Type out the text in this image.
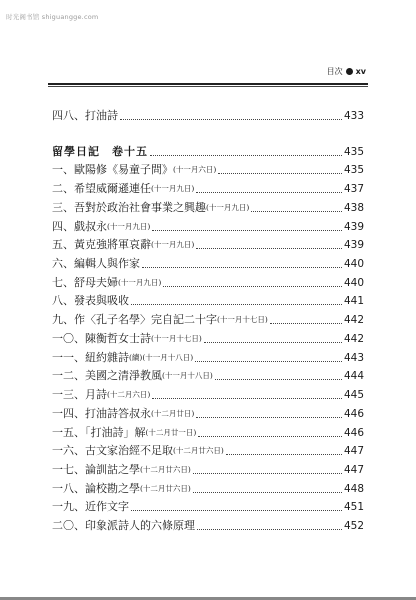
时光阁书馆 shiguangge.com
目次 xv
四八、打油詩	433
留學日記　卷十五	435
一、歐陽修《易童子問》 (十一月六日)	435
二、希望威爾遜連任 (十一月九日)	437
三、吾對於政治社會事業之興趣 (十一月九日)	438
四、戲叔永 (十一月九日)	439
五、黃克強將軍哀辭 (十一月九日)	439
六、編輯人與作家	440
七、舒母夫婦 (十一月九日)	440
八、發表與吸收	441
九、作〈孔子名學〉完自記二十字 (十一月十七日)	442
一〇、陳衡哲女士詩 (十一月十七日)	442
一一、紐約雜詩 (續)(十一月十八日)	443
一二、美國之清淨教風 (十一月十八日)	444
一三、月詩 (十二月六日)	445
一四、打油詩答叔永 (十二月廿日)	446
一五、「打油詩」解 (十二月廿一日)	446
一六、古文家治經不足取 (十二月廿六日)	447
一七、論訓詁之學 (十二月廿六日)	447
一八、論校勘之學 (十二月廿六日)	448
一九、近作文字	451
二〇、印象派詩人的六條原理	452
